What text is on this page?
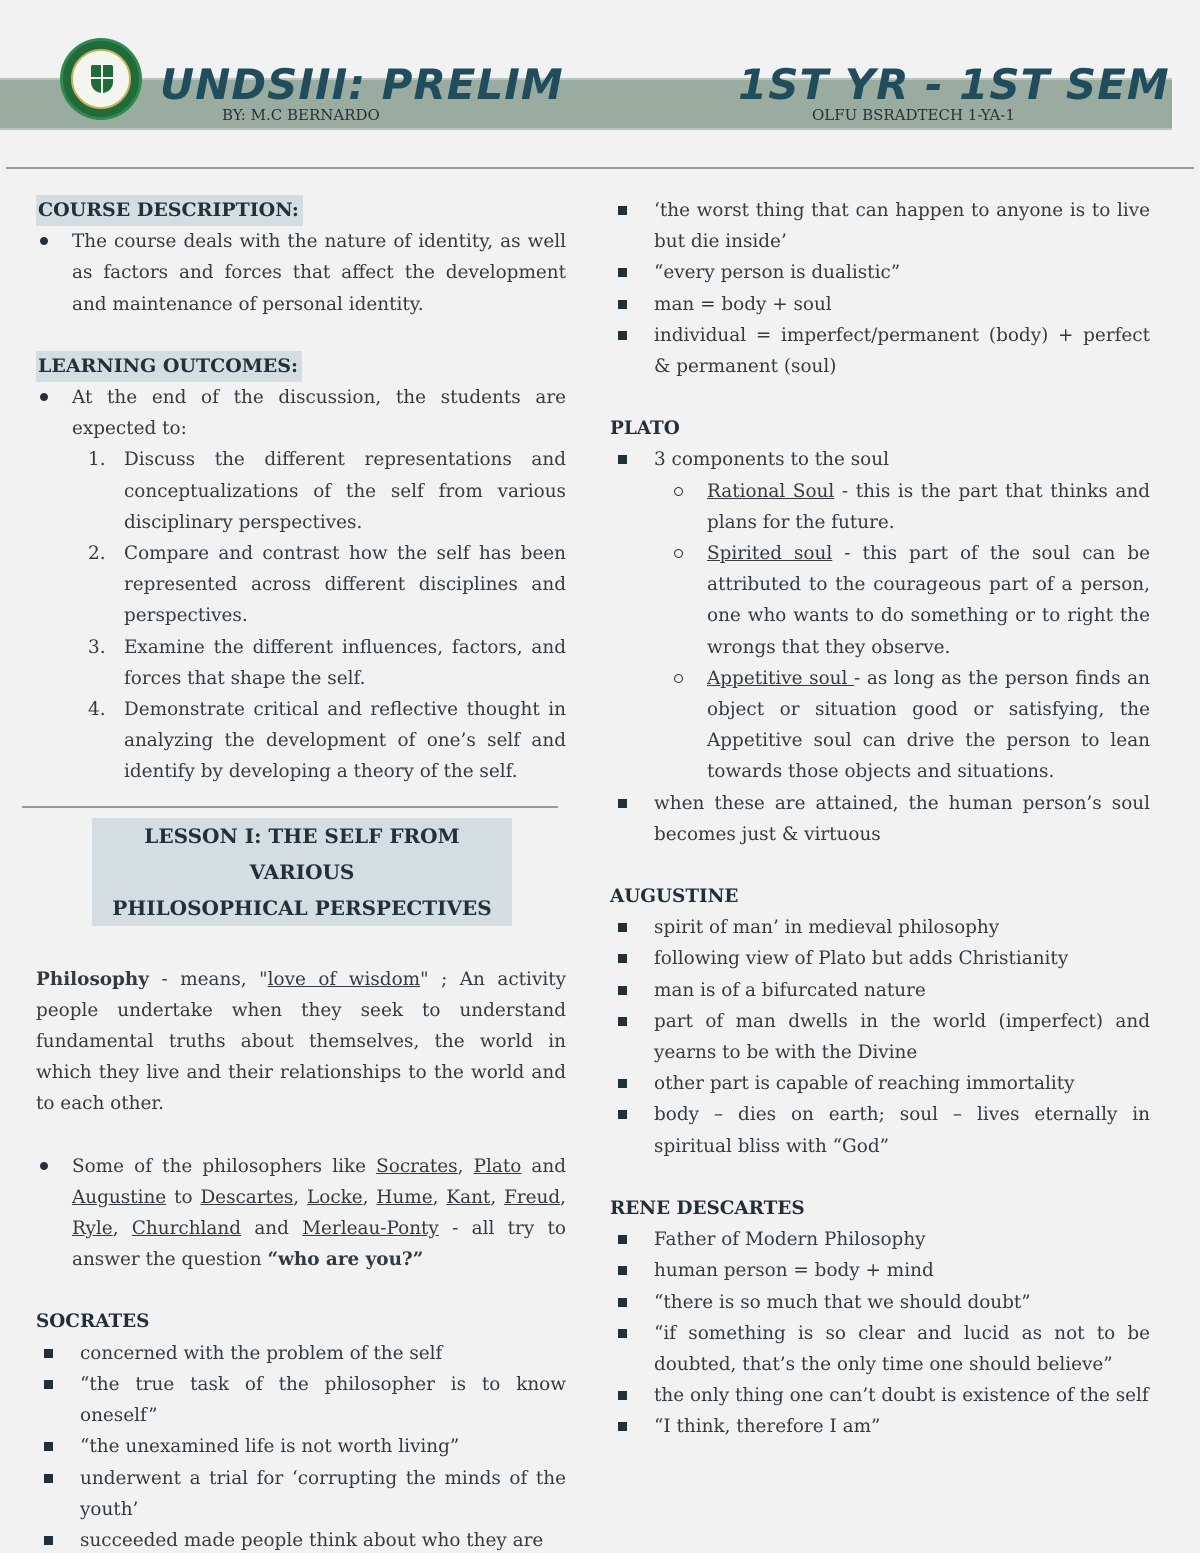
UNDSIII: PRELIM	1ST YR - 1ST SEM
BY: M.C BERNARDO	OLFU BSRADTECH 1-YA-1
COURSE DESCRIPTION:
The course deals with the nature of identity, as well as factors and forces that affect the development and maintenance of personal identity.
LEARNING OUTCOMES:
At the end of the discussion, the students are expected to:
1. Discuss the different representations and conceptualizations of the self from various disciplinary perspectives.
2. Compare and contrast how the self has been represented across different disciplines and perspectives.
3. Examine the different influences, factors, and forces that shape the self.
4. Demonstrate critical and reflective thought in analyzing the development of one’s self and identify by developing a theory of the self.
LESSON I: THE SELF FROM VARIOUS
PHILOSOPHICAL PERSPECTIVES
Philosophy - means, "love of wisdom" ; An activity people undertake when they seek to understand fundamental truths about themselves, the world in which they live and their relationships to the world and to each other.
Some of the philosophers like Socrates, Plato and Augustine to Descartes, Locke, Hume, Kant, Freud, Ryle, Churchland and Merleau-Ponty - all try to answer the question “who are you?”
SOCRATES
concerned with the problem of the self
“the true task of the philosopher is to know oneself”
“the unexamined life is not worth living”
underwent a trial for ‘corrupting the minds of the youth’
succeeded made people think about who they are
‘the worst thing that can happen to anyone is to live but die inside’
“every person is dualistic”
man = body + soul
individual = imperfect/permanent (body) + perfect & permanent (soul)
PLATO
3 components to the soul
Rational Soul - this is the part that thinks and plans for the future.
Spirited soul - this part of the soul can be attributed to the courageous part of a person, one who wants to do something or to right the wrongs that they observe.
Appetitive soul - as long as the person finds an object or situation good or satisfying, the Appetitive soul can drive the person to lean towards those objects and situations.
when these are attained, the human person’s soul becomes just & virtuous
AUGUSTINE
spirit of man’ in medieval philosophy
following view of Plato but adds Christianity
man is of a bifurcated nature
part of man dwells in the world (imperfect) and yearns to be with the Divine
other part is capable of reaching immortality
body – dies on earth; soul – lives eternally in spiritual bliss with “God”
RENE DESCARTES
Father of Modern Philosophy
human person = body + mind
“there is so much that we should doubt”
“if something is so clear and lucid as not to be doubted, that’s the only time one should believe”
the only thing one can’t doubt is existence of the self
“I think, therefore I am”
